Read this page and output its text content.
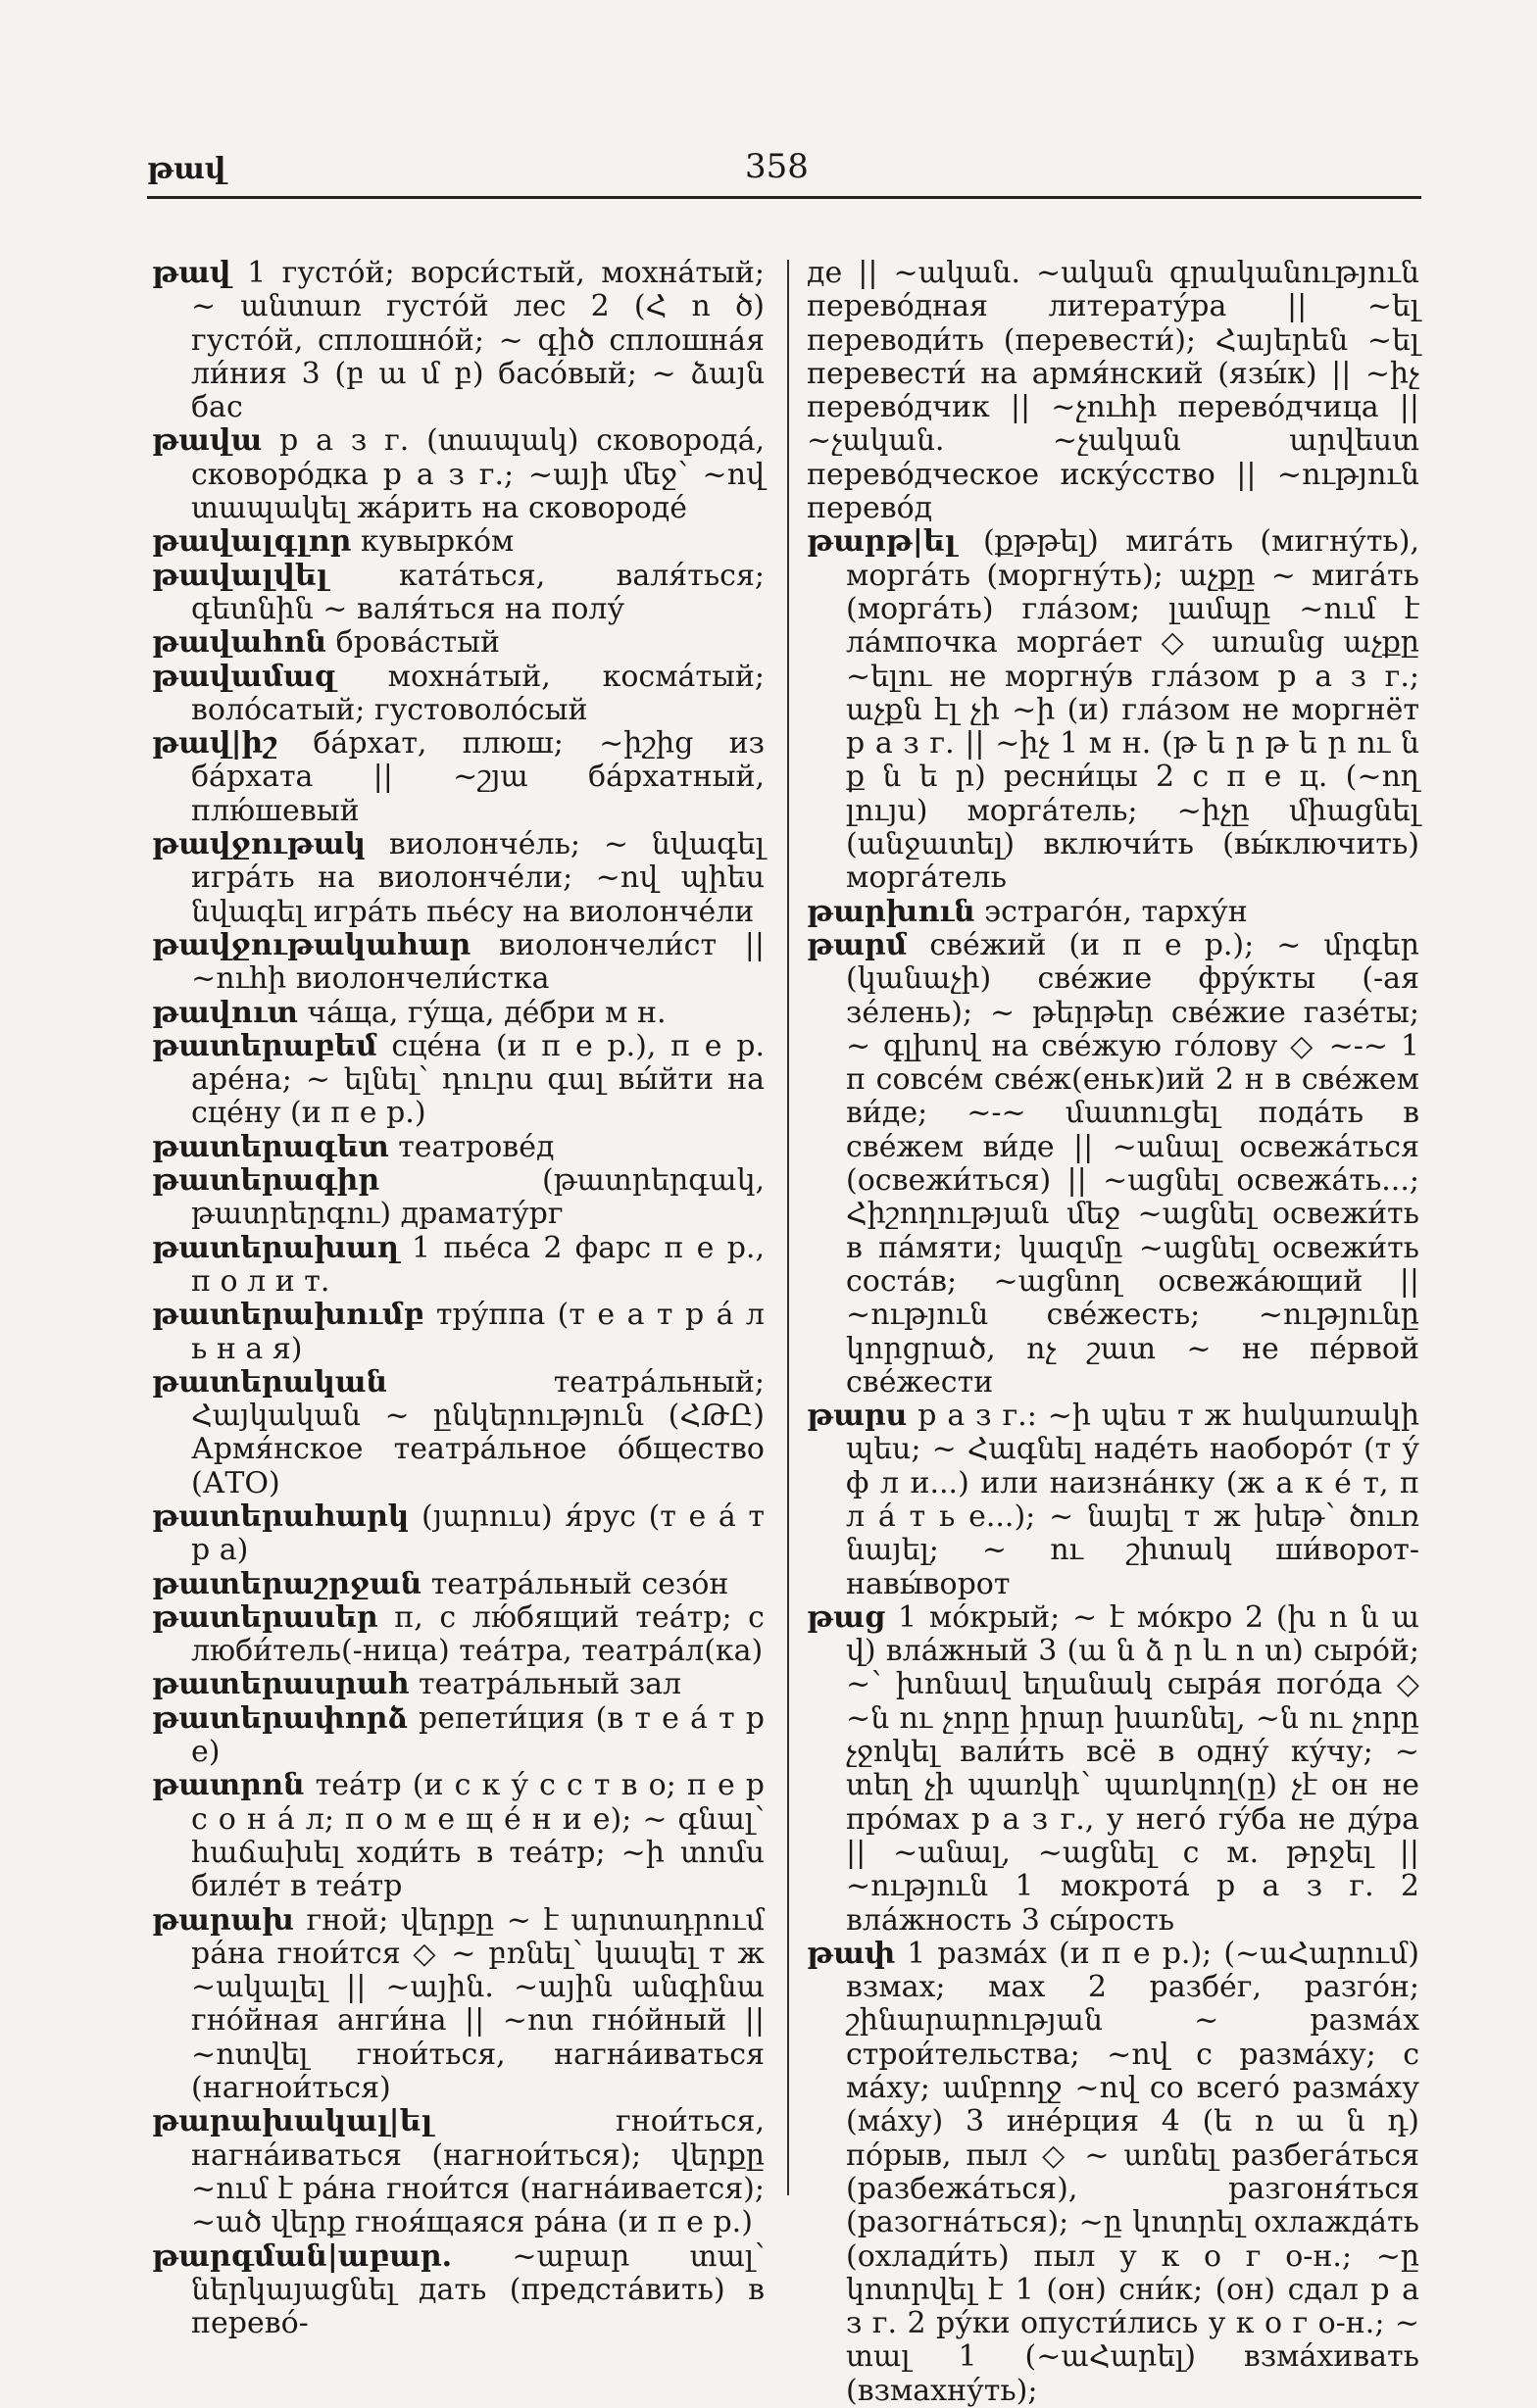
թավ	358

թավ 1 густо́й; ворси́стый, мохна́тый; ~ անտառ густо́й лес 2 (Հ ո ծ) густо́й, сплошно́й; ~ գիծ сплошна́я ли́ния 3 (բ ա մ բ) басо́вый; ~ ձայն бас

թավա р а з г. (տապակ) сковорода́, сковоро́дка р а з г.; ~այի մեջ՝ ~ով տապակել жа́рить на сковороде́

թավալգլոր кувырко́м

թավալվել ката́ться, валя́ться; գետնին ~ валя́ться на полу́

թավահոն брова́стый

թավամազ мохна́тый, косма́тый; воло́сатый; густоволо́сый

թավ|իշ ба́рхат, плюш; ~իշից из ба́рхата || ~շյա ба́рхатный, плю́шевый

թավջութակ виолонче́ль; ~ նվագել игра́ть на виолонче́ли; ~ով պիես նվագել игра́ть пье́су на виолонче́ли

թավջութակահար виолончели́ст || ~ուհի виолончели́стка

թավուտ ча́ща, гу́ща, де́бри м н.

թատերաբեմ сце́на (и п е р.), п е р. аре́на; ~ ելնել՝ դուրս գալ вы́йти на сце́ну (и п е р.)

թատերագետ театрове́д

թատերագիր (թատրերգակ, թատրերգու) драмату́рг

թատերախաղ 1 пье́са 2 фарс п е р., п о л и т.

թատերախումբ тру́ппа (т е а т р а́ л ь н а я)

թատերական театра́льный; Հայկական ~ ընկերություն (ՀԹԸ) Армя́нское театра́льное о́бщество (АТО)

թատերահարկ (յարուս) я́рус (т е а́ т р а)

թատերաշրջան театра́льный сезо́н

թատերասեր п, с лю́бящий теа́тр; с люби́тель(-ница) теа́тра, театра́л(ка)

թատերասրահ театра́льный зал

թատերափորձ репети́ция (в т е а́ т р е)

թատրոն теа́тр (и с к у́ с с т в о; п е р с о н а́ л; п о м е щ е́ н и е); ~ գնալ՝ հաճախել ходи́ть в теа́тр; ~ի տոմս биле́т в теа́тр

թարախ гной; վերքը ~ է արտադրում ра́на гнои́тся ◇ ~ բռնել՝ կապել т ж ~ակալել || ~ային. ~ային անգինա гно́йная анги́на || ~ոտ гно́йный || ~ոտվել гнои́ться, нагна́иваться (нагнои́ться)

թարախակալ|ել гнои́ться, нагна́иваться (нагнои́ться); վերքը ~ում է ра́на гнои́тся (нагна́ивается); ~ած վերք гноя́щаяся ра́на (и п е р.)

թարգման|աբար. ~աբար տալ՝ ներկայացնել дать (предста́вить) в перево́-

де || ~ական. ~ական գրականություն перево́дная литерату́ра || ~ել переводи́ть (перевести́); Հայերեն ~ել перевести́ на армя́нский (язы́к) || ~իչ перево́дчик || ~չուհի перево́дчица || ~չական. ~չական արվեստ перево́дческое иску́сство || ~ություն перево́д

թարթ|ել (քթթել) мига́ть (мигну́ть), морга́ть (моргну́ть); աչքը ~ мига́ть (морга́ть) гла́зом; լամպը ~ում է ла́мпочка морга́ет ◇ առանց աչքը ~ելու не моргну́в гла́зом р а з г.; աչքն էլ չի ~ի (и) гла́зом не моргнёт р а з г. || ~իչ 1 м н. (թ ե ր թ ե ր ու ն ք ն ե ր) ресни́цы 2 с п е ц. (~ող լույս) морга́тель; ~իչը միացնել (անջատել) включи́ть (вы́ключить) морга́тель

թարխուն эстраго́н, тарху́н

թարմ све́жий (и п е р.); ~ մրգեր (կանաչի) све́жие фру́кты (-ая зе́лень); ~ թերթեր све́жие газе́ты; ~ գլխով на све́жую го́лову ◇ ~-~ 1 п совсе́м све́ж(еньк)ий 2 н в све́жем ви́де; ~-~ մատուցել пода́ть в све́жем ви́де || ~անալ освежа́ться (освежи́ться) || ~ացնել освежа́ть...; Հիշողության մեջ ~ացնել освежи́ть в па́мяти; կազմը ~ացնել освежи́ть соста́в; ~ացնող освежа́ющий || ~ություն све́жесть; ~ությունը կորցրած, ոչ շատ ~ не пе́рвой све́жести

թարս р а з г.: ~ի պես т ж հակառակի պես; ~ Հագնել наде́ть наоборо́т (т у́ ф л и...) или наизна́нку (ж а к е́ т, п л а́ т ь е...); ~ նայել т ж խեթ՝ ծուռ նայել; ~ ու շիտակ ши́ворот-навы́ворот

թաց 1 мо́крый; ~ է мо́кро 2 (խ ո ն ա վ) вла́жный 3 (ա ն ձ ր և ո տ) сыро́й; ~՝ խոնավ եղանակ сыра́я пого́да ◇ ~ն ու չորը իրար խառնել, ~ն ու չորը չջոկել вали́ть всё в одну́ ку́чу; ~ տեղ չի պառկի՝ պառկող(ը) չէ он не про́мах р а з г., у него́ гу́ба не ду́ра || ~անալ, ~ացնել с м. թրջել || ~ություն 1 мокрота́ р а з г. 2 вла́жность 3 сы́рость

թափ 1 разма́х (и п е р.); (~աՀարում) взмах; мах 2 разбе́г, разго́н; շինարարության ~ разма́х строи́тельства; ~ով с разма́ху; с ма́ху; ամբողջ ~ով со всего́ разма́ху (ма́ху) 3 ине́рция 4 (ե ռ ա ն դ) по́рыв, пыл ◇ ~ առնել разбега́ться (разбежа́ться), разгоня́ться (разогна́ться); ~ը կոտրել охлажда́ть (охлади́ть) пыл у к о г о-н.; ~ը կոտրվել է 1 (он) сни́к; (он) сдал р а з г. 2 ру́ки опусти́лись у к о г о-н.; ~ տալ 1 (~աՀարել) взма́хивать (взмахну́ть);
